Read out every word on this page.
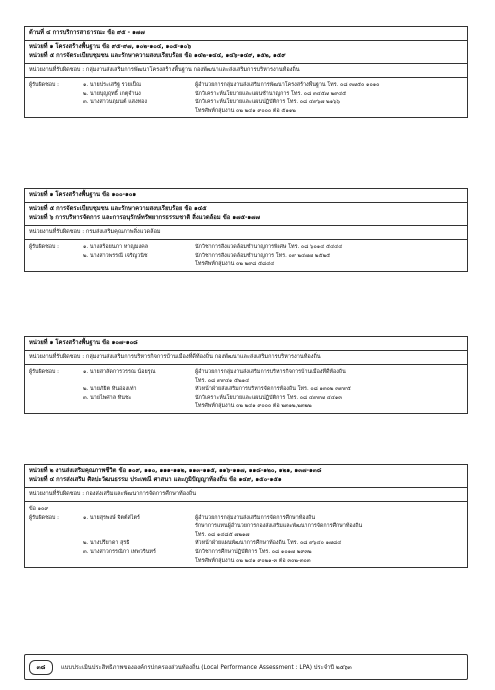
ด้านที่ ๔ การบริการสาธารณะ ข้อ ๙๕ - ๑๗๗
หน่วยที่ ๑ โครงสร้างพื้นฐาน ข้อ ๙๕-๙๗, ๑๐๒-๑๐๔, ๑๐๕-๑๐๖
หน่วยที่ ๕ การจัดระเบียบชุมชน และรักษาความสงบเรียบร้อย ข้อ ๑๔๒-๑๔๔, ๑๔๖-๑๔๙, ๑๕๒, ๑๕๙
หน่วยงานที่รับผิดชอบ : กลุ่มงานส่งเสริมการพัฒนาโครงสร้างพื้นฐาน กองพัฒนาและส่งเสริมการบริหารงานท้องถิ่น
ผู้รับผิดชอบ :	๑. นายประเสริฐ รวยเป็ณ	ผู้อำนวยการกลุ่มงานส่งเสริมการพัฒนาโครงสร้างพื้นฐาน โทร. ๐๘ ๓๗๕๐ ๑๐๑๐
๒. นายบุญฤทธิ์ เกตุจำนง	นักวิเคราะห์นโยบายและแผนชำนาญการ โทร. ๐๘ ๓๔๕๗ ๒๙๔๕
๓. นางสาวนฤมนต์ แสงทอง	นักวิเคราะห์นโยบายและแผนปฏิบัติการ โทร. ๐๘ ๔๙๖๗ ๒๑๖๖
โทรศัพท์กลุ่มงาน ๐๒ ๒๔๑ ๙๐๐๐ ต่อ ๕๑๑๒
หน่วยที่ ๑ โครงสร้างพื้นฐาน ข้อ ๑๐๐-๑๐๑
หน่วยที่ ๕ การจัดระเบียบชุมชน และรักษาความสงบเรียบร้อย ข้อ ๑๔๕
หน่วยที่ ๖ การบริหารจัดการ และการอนุรักษ์ทรัพยากรธรรมชาติ สิ่งแวดล้อม ข้อ ๑๗๕-๑๗๗
หน่วยงานที่รับผิดชอบ : กรมส่งเสริมคุณภาพสิ่งแวดล้อม
ผู้รับผิดชอบ :	๑. นางสร้อยนภา หาญมงคล	นักวิชาการสิ่งแวดล้อมชำนาญการพิเศษ โทร. ๐๘ ๖๐๑๔ ๕๔๔๔
๒. นางสาวพรรณี เจริญวนิช	นักวิชาการสิ่งแวดล้อมชำนาญการ โทร. ๐๙ ๒๔๗๗ ๒๕๒๕
โทรศัพท์กลุ่มงาน ๐๒ ๒๙๘ ๕๘๔๔
หน่วยที่ ๑ โครงสร้างพื้นฐาน ข้อ ๑๐๗-๑๐๘
หน่วยงานที่รับผิดชอบ : กลุ่มงานส่งเสริมการบริหารกิจการบ้านเมืองที่ดีท้องถิ่น กองพัฒนาและส่งเสริมการบริหารงานท้องถิ่น
ผู้รับผิดชอบ :	๑. นายสาลัดการวรรณ น้อยรุณ	ผู้อำนวยการกลุ่มงานส่งเสริมการบริหารกิจการบ้านเมืองที่ดีท้องถิ่น
โทร. ๐๘ ๙๙๔๑ ๕๒๑๔
๒. นายภัยิต หินอ่องเท่า	หัวหน้าฝ่ายส่งเสริมการบริหารจัดการท้องถิ่น โทร. ๐๘ ๑๓๐๒ ๓๙๙๕
๓. นายไพศาล ทินชะ	นักวิเคราะห์นโยบายและแผนปฏิบัติการ โทร. ๐๘ ๔๙๙๗ ๔๔๑๓
โทรศัพท์กลุ่มงาน ๐๒ ๒๔๑ ๙๐๐๐ ต่อ ๒๓๑๒,๒๓๒๒
หน่วยที่ ๒ งานส่งเสริมคุณภาพชีวิต ข้อ ๑๐๙, ๑๑๐, ๑๑๑-๑๑๒, ๑๑๓-๑๑๕, ๑๑๖-๑๑๗, ๑๑๘-๑๒๐, ๑๒๑, ๑๓๗-๑๓๘
หน่วยที่ ๔ การส่งเสริม ศิลปะวัฒนธรรม ประเพณี ศาสนา และภูมิปัญญาท้องถิ่น ข้อ ๑๔๙, ๑๕๐-๑๕๑
หน่วยงานที่รับผิดชอบ : กองส่งเสริมและพัฒนาการจัดการศึกษาท้องถิ่น
ข้อ ๑๐๙
ผู้รับผิดชอบ :	๑. นายสุรพงษ์ จิตต์สไตร์	ผู้อำนวยการกลุ่มงานส่งเสริมการจัดการศึกษาท้องถิ่น
รักษาการแทนผู้อำนวยการกองส่งเสริมและพัฒนาการจัดการศึกษาท้องถิ่น
โทร. ๐๘ ๑๔๘๕ ๗๒๑๗
๒. นางปรียาดา สุรธิ	หัวหน้าฝ่ายแผนพัฒนาการศึกษาท้องถิ่น โทร. ๐๘ ๙๖๔๐ ๑๗๘๔
๓. นางสาวกรรณิกา เทพวรินทร์	นักวิชาการศึกษาปฏิบัติการ โทร. ๐๘ ๑๐๑๗ ๒๙๓๒
โทรศัพท์กลุ่มงาน ๐๒ ๒๔๑ ๙๐๒๑-๓ ต่อ ๓๐๒-๓๐๓
๓๘	แบบประเมินประสิทธิภาพขององค์กรปกครองส่วนท้องถิ่น (Local Performance Assessment : LPA) ประจำปี ๒๕๖๓
